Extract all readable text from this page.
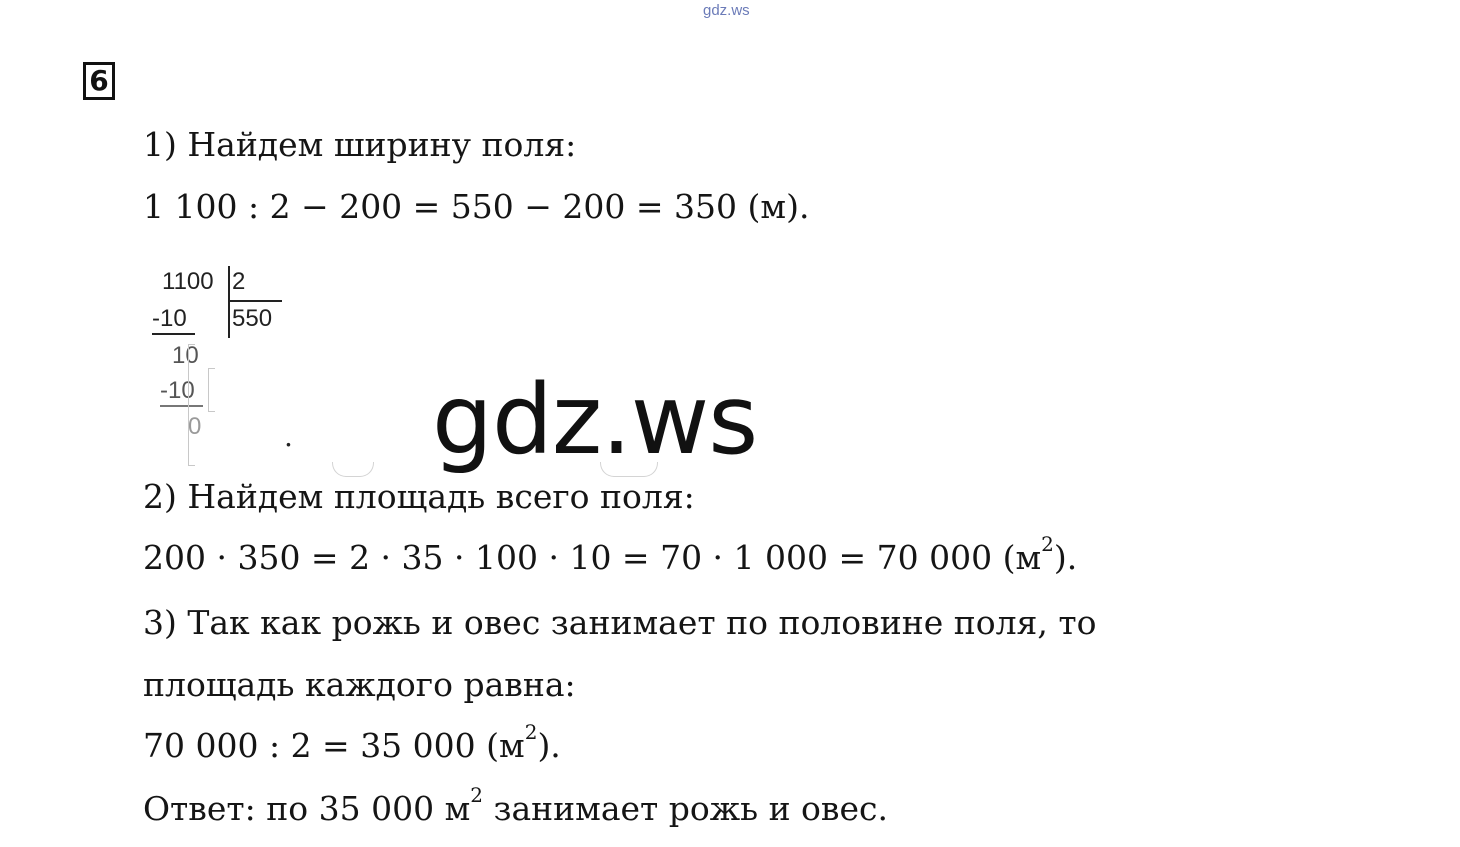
gdz.ws
6
1) Найдем ширину поля:
1 100 : 2 − 200 = 550 − 200 = 350 (м).
1100 2
550
-10
10
-10
0	. gdz.ws
2) Найдем площадь всего поля:
200 · 350 = 2 · 35 · 100 · 10 = 70 · 1 000 = 70 000 $(м^2)$.
3) Так как рожь и овес занимает по половине поля, то
площадь каждого равна:
70 000 : 2 = 35 000 $(м^2)$.
Ответ: по 35 000 $м^2$ занимает рожь и овес.
